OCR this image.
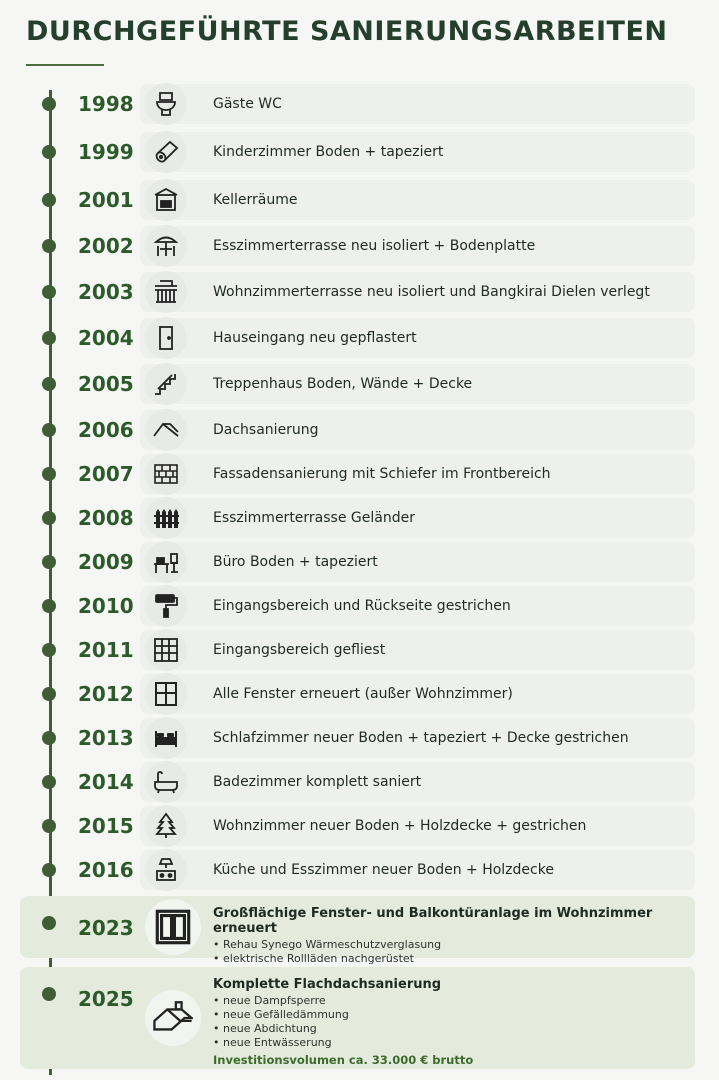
DURCHGEFÜHRTE SANIERUNGSARBEITEN
1998	Gäste WC
1999	Kinderzimmer Boden + tapeziert
2001	Kellerräume
2002	Esszimmerterrasse neu isoliert + Bodenplatte
2003	Wohnzimmerterrasse neu isoliert und Bangkirai Dielen verlegt
2004	Hauseingang neu gepflastert
2005	Treppenhaus Boden, Wände + Decke
2006	Dachsanierung
2007	Fassadensanierung mit Schiefer im Frontbereich
2008	Esszimmerterrasse Geländer
2009	Büro Boden + tapeziert
2010	Eingangsbereich und Rückseite gestrichen
2011	Eingangsbereich gefliest
2012	Alle Fenster erneuert (außer Wohnzimmer)
2013	Schlafzimmer neuer Boden + tapeziert + Decke gestrichen
2014	Badezimmer komplett saniert
2015	Wohnzimmer neuer Boden + Holzdecke + gestrichen
2016	Küche und Esszimmer neuer Boden + Holzdecke
2023
Großflächige Fenster- und Balkontüranlage im Wohnzimmer erneuert
• Rehau Synego Wärmeschutzverglasung
• elektrische Rollläden nachgerüstet
2025
Komplette Flachdachsanierung
• neue Dampfsperre
• neue Gefälledämmung
• neue Abdichtung
• neue Entwässerung
Investitionsvolumen ca. 33.000 € brutto
